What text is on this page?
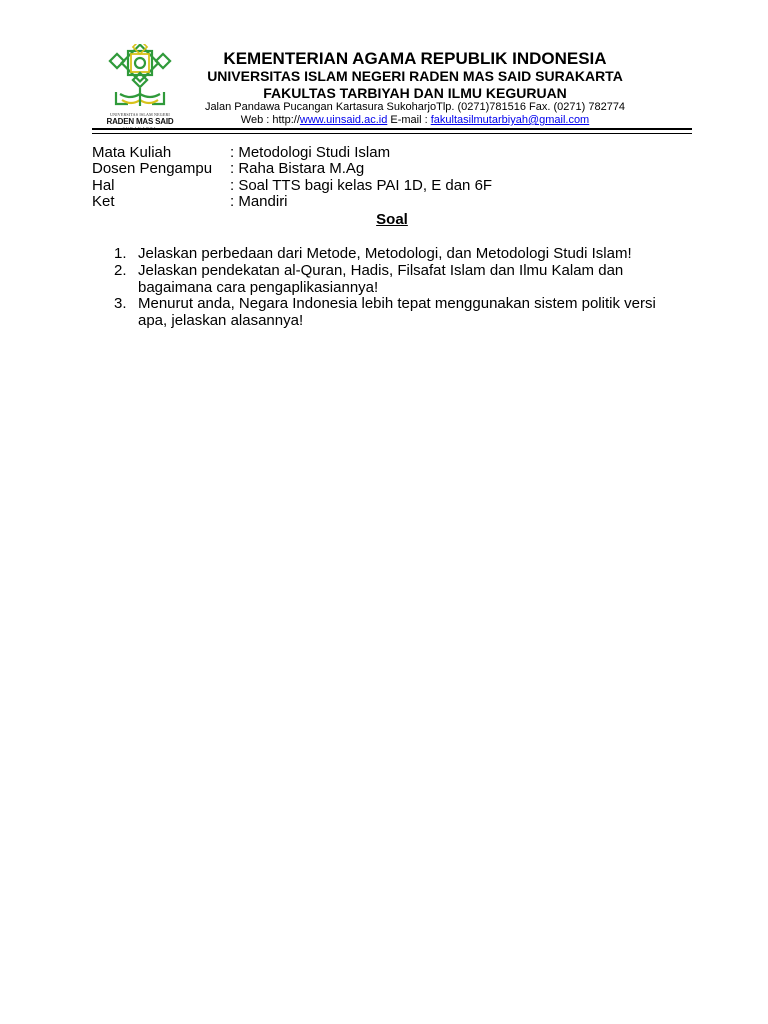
UNIVERSITAS ISLAM NEGERI
RADEN MAS SAID
KEMENTERIAN AGAMA REPUBLIK INDONESIA
UNIVERSITAS ISLAM NEGERI RADEN MAS SAID SURAKARTA
FAKULTAS TARBIYAH DAN ILMU KEGURUAN
Jalan Pandawa Pucangan Kartasura SukoharjoTlp. (0271)781516 Fax. (0271) 782774
Web : http://www.uinsaid.ac.id E-mail : fakultasilmutarbiyah@gmail.com
Mata Kuliah	: Metodologi Studi Islam
Dosen Pengampu : Raha Bistara M.Ag
Hal	: Soal TTS bagi kelas PAI 1D, E dan 6F
Ket	: Mandiri
Soal
1. Jelaskan perbedaan dari Metode, Metodologi, dan Metodologi Studi Islam!
2. Jelaskan pendekatan al-Quran, Hadis, Filsafat Islam dan Ilmu Kalam dan bagaimana cara pengaplikasiannya!
3. Menurut anda, Negara Indonesia lebih tepat menggunakan sistem politik versi apa, jelaskan alasannya!
